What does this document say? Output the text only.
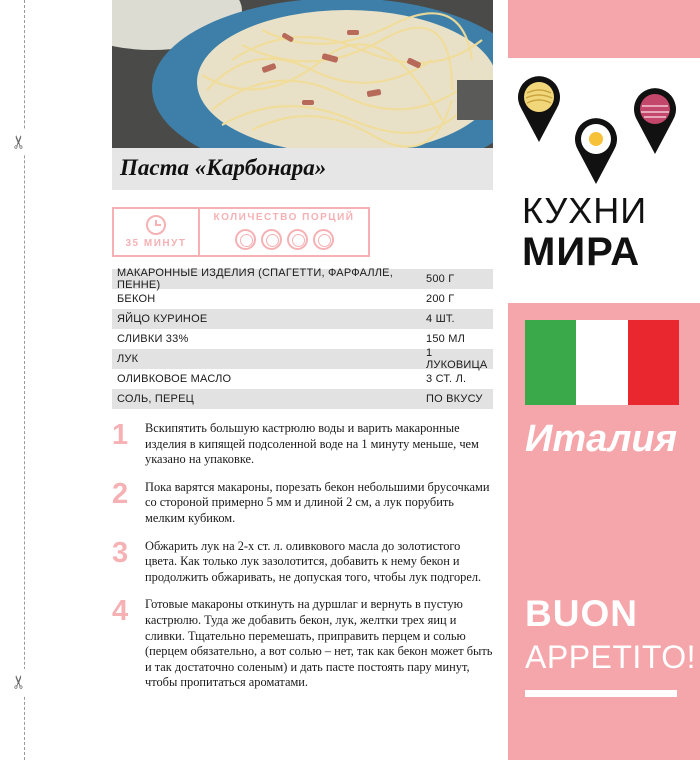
✂
✂
Паста «Карбонара»
35 МИНУТ
КОЛИЧЕСТВО ПОРЦИЙ
МАКАРОННЫЕ ИЗДЕЛИЯ (СПАГЕТТИ, ФАРФАЛЛЕ, ПЕННЕ)	500 Г
БЕКОН	200 Г
ЯЙЦО КУРИНОЕ	4 ШТ.
СЛИВКИ 33%	150 МЛ
ЛУК	1 ЛУКОВИЦА
ОЛИВКОВОЕ МАСЛО	3 СТ. Л.
СОЛЬ, ПЕРЕЦ	ПО ВКУСУ
1 Вскипятить большую кастрюлю воды и варить макаронные изделия в кипящей подсоленной воде на 1 минуту меньше, чем указано на упаковке.

2 Пока варятся макароны, порезать бекон небольшими брусочками со стороной примерно 5 мм и длиной 2 см, а лук порубить мелким кубиком.

3 Обжарить лук на 2-х ст. л. оливкового масла до золотистого цвета. Как только лук зазолотится, добавить к нему бекон и продолжить обжаривать, не допуская того, чтобы лук подгорел.

4 Готовые макароны откинуть на дуршлаг и вернуть в пустую кастрюлю. Туда же добавить бекон, лук, желтки трех яиц и сливки. Тщательно перемешать, приправить перцем и солью (перцем обязательно, а вот солью – нет, так как бекон может быть и так достаточно соленым) и дать пасте постоять пару минут, чтобы пропитаться ароматами.

КУХНИ
МИРА
Италия
BUON
APPETITO!
